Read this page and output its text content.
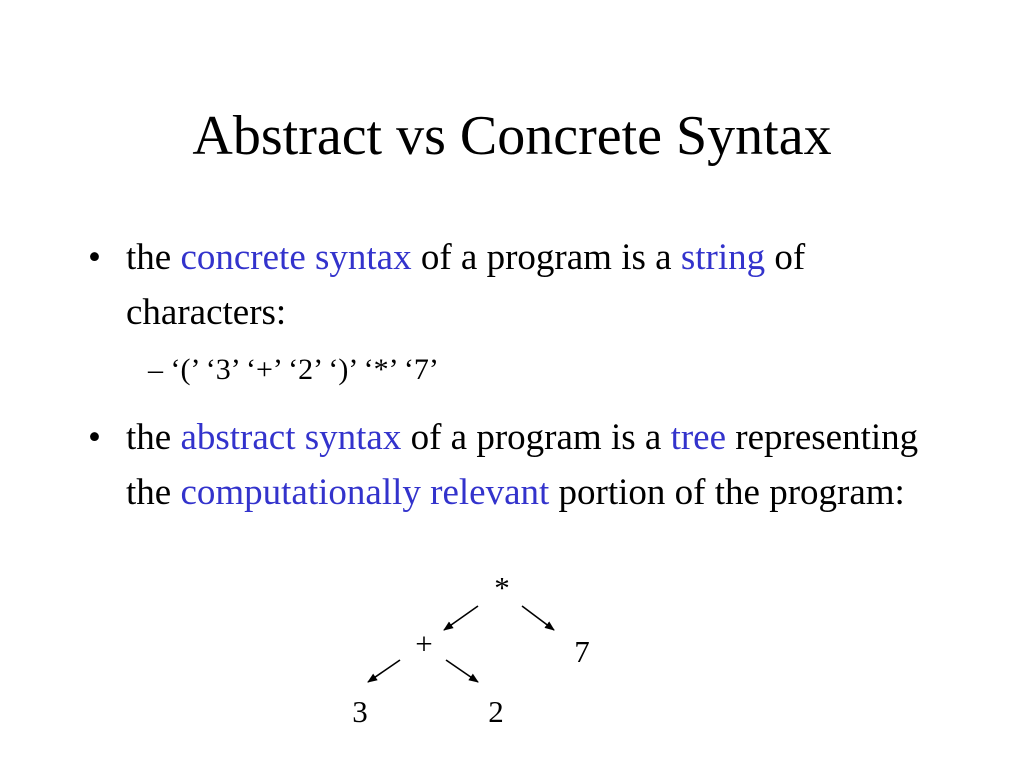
Abstract vs Concrete Syntax
• the concrete syntax of a program is a string of characters:
– ‘(’ ‘3’ ‘+’ ‘2’ ‘)’ ‘*’ ‘7’
• the abstract syntax of a program is a tree representing the computationally relevant portion of the program:
*
+	7
3	2
